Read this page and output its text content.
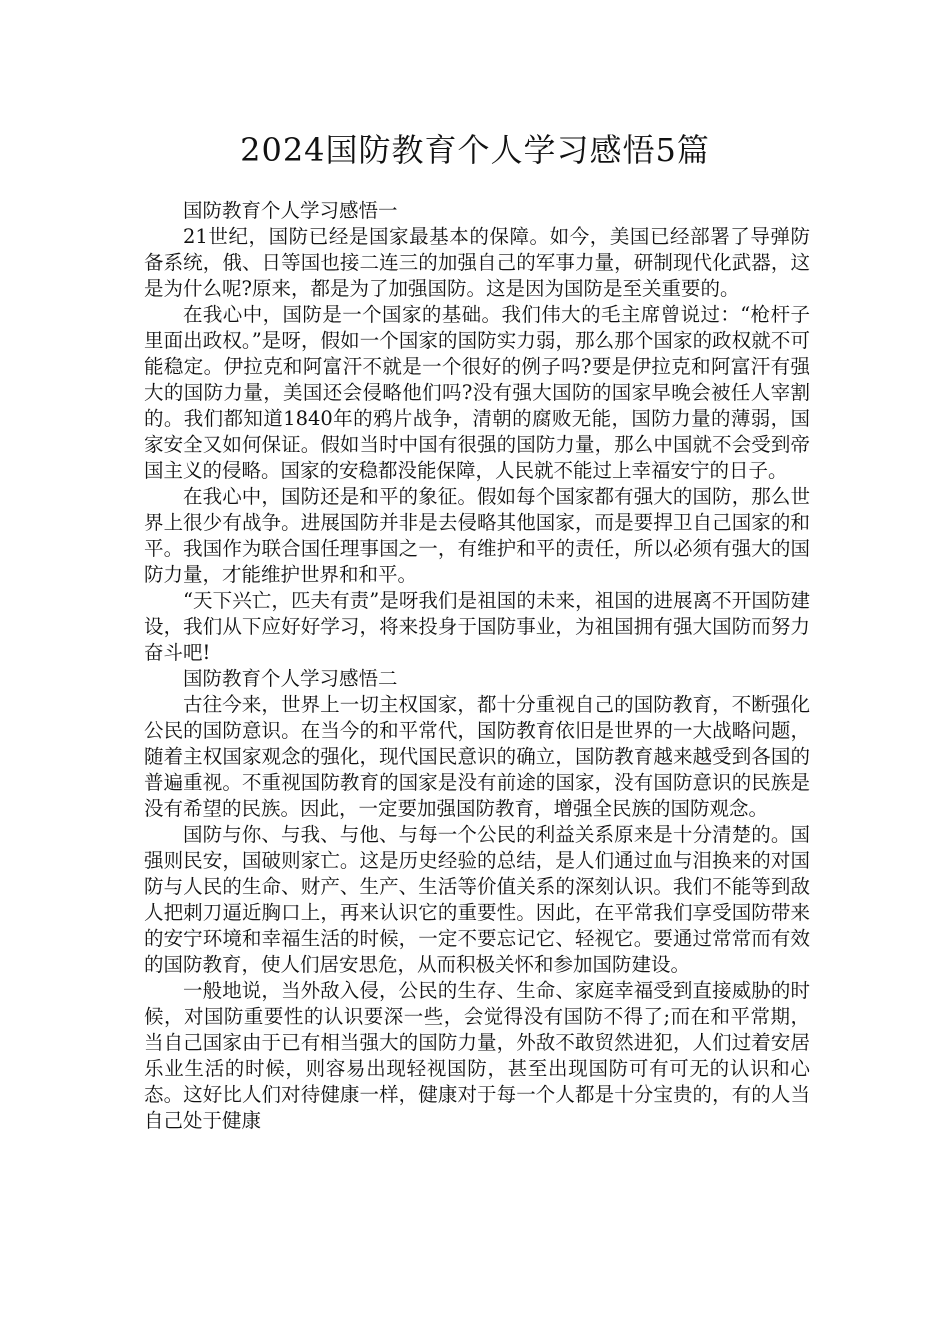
2024国防教育个人学习感悟5篇

国防教育个人学习感悟一

21世纪，国防已经是国家最基本的保障。如今，美国已经部署了导弹防备系统，俄、日等国也接二连三的加强自己的军事力量，研制现代化武器，这是为什么呢?原来，都是为了加强国防。这是因为国防是至关重要的。

在我心中，国防是一个国家的基础。我们伟大的毛主席曾说过：“枪杆子里面出政权。”是呀，假如一个国家的国防实力弱，那么那个国家的政权就不可能稳定。伊拉克和阿富汗不就是一个很好的例子吗?要是伊拉克和阿富汗有强大的国防力量，美国还会侵略他们吗?没有强大国防的国家早晚会被任人宰割的。我们都知道1840年的鸦片战争，清朝的腐败无能，国防力量的薄弱，国家安全又如何保证。假如当时中国有很强的国防力量，那么中国就不会受到帝国主义的侵略。国家的安稳都没能保障，人民就不能过上幸福安宁的日子。

在我心中，国防还是和平的象征。假如每个国家都有强大的国防，那么世界上很少有战争。进展国防并非是去侵略其他国家，而是要捍卫自己国家的和平。我国作为联合国任理事国之一，有维护和平的责任，所以必须有强大的国防力量，才能维护世界和和平。

“天下兴亡，匹夫有责”是呀我们是祖国的未来，祖国的进展离不开国防建设，我们从下应好好学习，将来投身于国防事业，为祖国拥有强大国防而努力奋斗吧!

国防教育个人学习感悟二

古往今来，世界上一切主权国家，都十分重视自己的国防教育，不断强化公民的国防意识。在当今的和平常代，国防教育依旧是世界的一大战略问题，随着主权国家观念的强化，现代国民意识的确立，国防教育越来越受到各国的普遍重视。不重视国防教育的国家是没有前途的国家，没有国防意识的民族是没有希望的民族。因此，一定要加强国防教育，增强全民族的国防观念。

国防与你、与我、与他、与每一个公民的利益关系原来是十分清楚的。国强则民安，国破则家亡。这是历史经验的总结，是人们通过血与泪换来的对国防与人民的生命、财产、生产、生活等价值关系的深刻认识。我们不能等到敌人把刺刀逼近胸口上，再来认识它的重要性。因此，在平常我们享受国防带来的安宁环境和幸福生活的时候，一定不要忘记它、轻视它。要通过常常而有效的国防教育，使人们居安思危，从而积极关怀和参加国防建设。

一般地说，当外敌入侵，公民的生存、生命、家庭幸福受到直接威胁的时候，对国防重要性的认识要深一些，会觉得没有国防不得了;而在和平常期，当自己国家由于已有相当强大的国防力量，外敌不敢贸然进犯，人们过着安居乐业生活的时候，则容易出现轻视国防，甚至出现国防可有可无的认识和心态。这好比人们对待健康一样，健康对于每一个人都是十分宝贵的，有的人当自己处于健康
